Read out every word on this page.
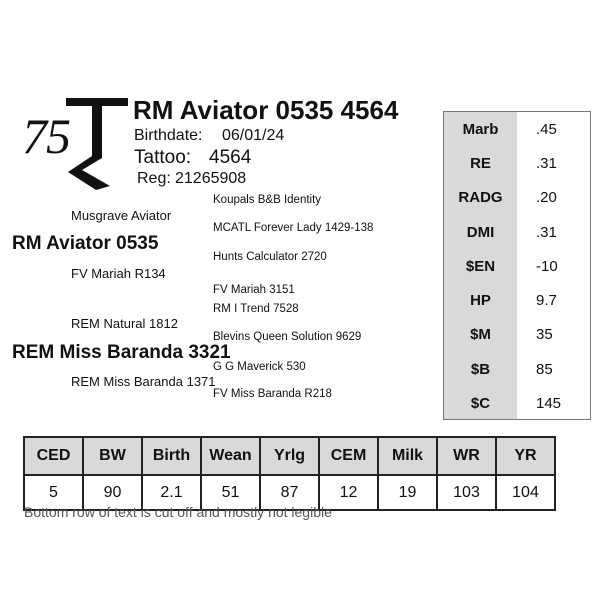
75 RM Aviator 0535 4564
Birthdate: 06/01/24
Tattoo: 4564
Reg: 21265908
Koupals B&B Identity
Musgrave Aviator
MCATL Forever Lady 1429-138
RM Aviator 0535
Hunts Calculator 2720
FV Mariah R134
FV Mariah 3151
RM I Trend 7528
REM Natural 1812
Blevins Queen Solution 9629
REM Miss Baranda 3321
G G Maverick 530
REM Miss Baranda 1371
FV Miss Baranda R218
Marb	.45
RE	.31
RADG	.20
DMI	.31
$EN	-10
HP	9.7
$M	35
$B	85
$C	145
CED	BW	Birth	Wean	Yrlg	CEM	Milk	WR	YR
5	90	2.1	51	87	12	19	103	104
Bottom row of text is cut off and mostly not legible
